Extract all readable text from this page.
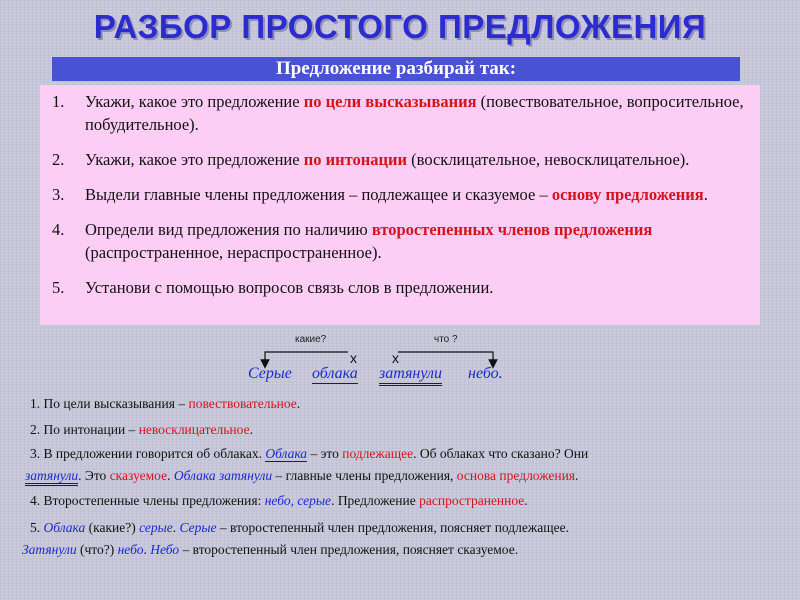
РАЗБОР ПРОСТОГО ПРЕДЛОЖЕНИЯ
Предложение разбирай так:
1. Укажи, какое это предложение по цели высказывания (повествовательное, вопросительное, побудительное).
2. Укажи, какое это предложение по интонации (восклицательное, невосклицательное).
3. Выдели главные члены предложения – подлежащее и сказуемое – основу предложения.
4. Определи вид предложения по наличию второстепенных членов предложения (распространенное, нераспространенное).
5. Установи с помощью вопросов связь слов в предложении.
какие?	что ?
x	x
Серые облака затянули небо.
1. По цели высказывания – повествовательное.
2. По интонации – невосклицательное.
3. В предложении говорится об облаках. Облака – это подлежащее. Об облаках что сказано? Они
затянули. Это сказуемое. Облака затянули – главные члены предложения, основа предложения.
4. Второстепенные члены предложения: небо, серые. Предложение распространенное.
5. Облака (какие?) серые. Серые – второстепенный член предложения, поясняет подлежащее.
Затянули (что?) небо. Небо – второстепенный член предложения, поясняет сказуемое.
